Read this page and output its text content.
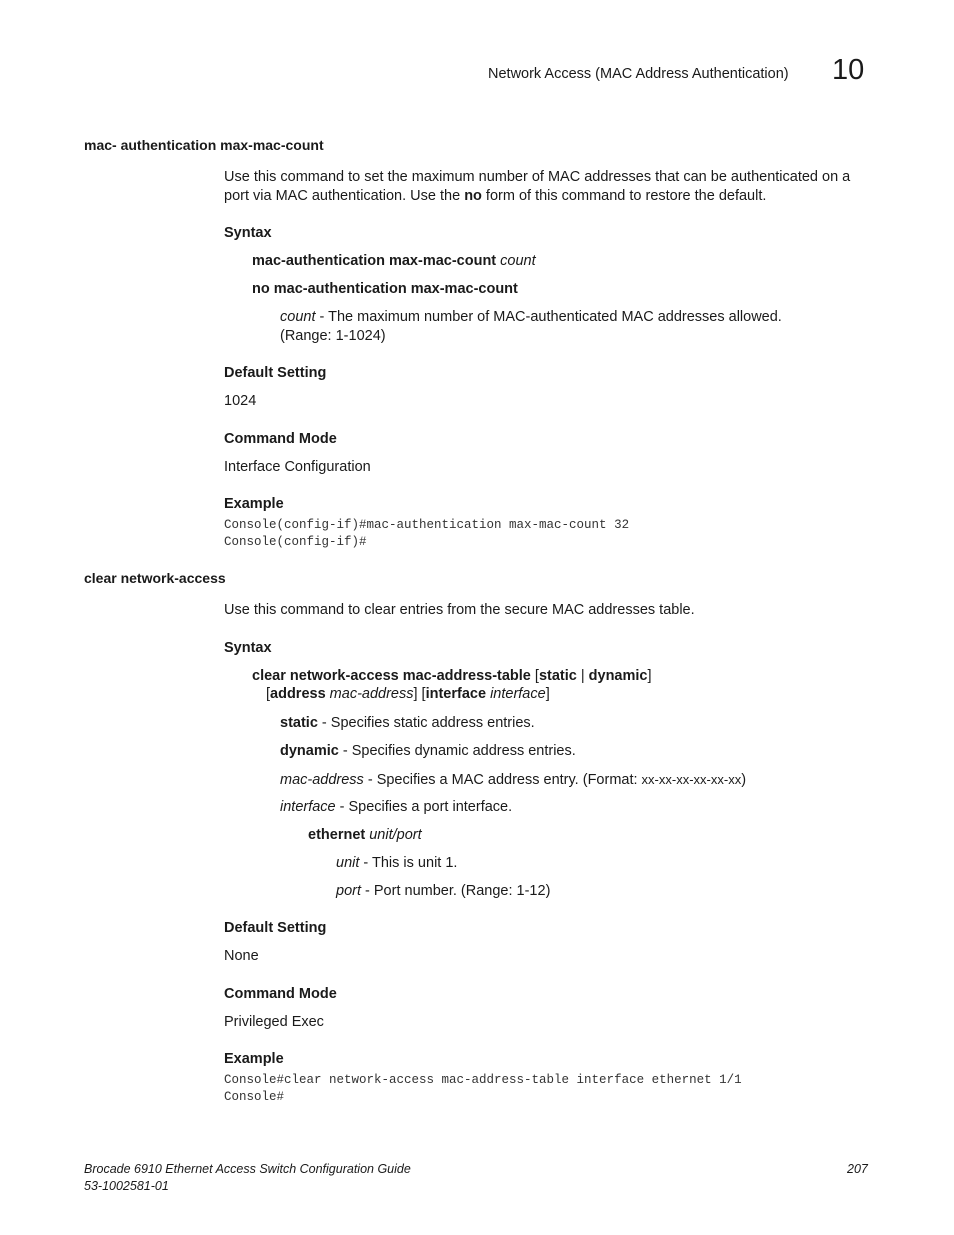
Network Access (MAC Address Authentication) 10
mac- authentication max-mac-count
Use this command to set the maximum number of MAC addresses that can be authenticated on a
port via MAC authentication. Use the no form of this command to restore the default.
Syntax
mac-authentication max-mac-count count
no mac-authentication max-mac-count
count - The maximum number of MAC-authenticated MAC addresses allowed.
(Range: 1-1024)
Default Setting
1024
Command Mode
Interface Configuration
Example
Console(config-if)#mac-authentication max-mac-count 32
Console(config-if)#
clear network-access
Use this command to clear entries from the secure MAC addresses table.
Syntax
clear network-access mac-address-table [static | dynamic]
[address mac-address] [interface interface]
static - Specifies static address entries.
dynamic - Specifies dynamic address entries.
mac-address - Specifies a MAC address entry. (Format: xx-xx-xx-xx-xx-xx)
interface - Specifies a port interface.
ethernet unit/port
unit - This is unit 1.
port - Port number. (Range: 1-12)
Default Setting
None
Command Mode
Privileged Exec
Example
Console#clear network-access mac-address-table interface ethernet 1/1
Console#
Brocade 6910 Ethernet Access Switch Configuration Guide
53-1002581-01
207
